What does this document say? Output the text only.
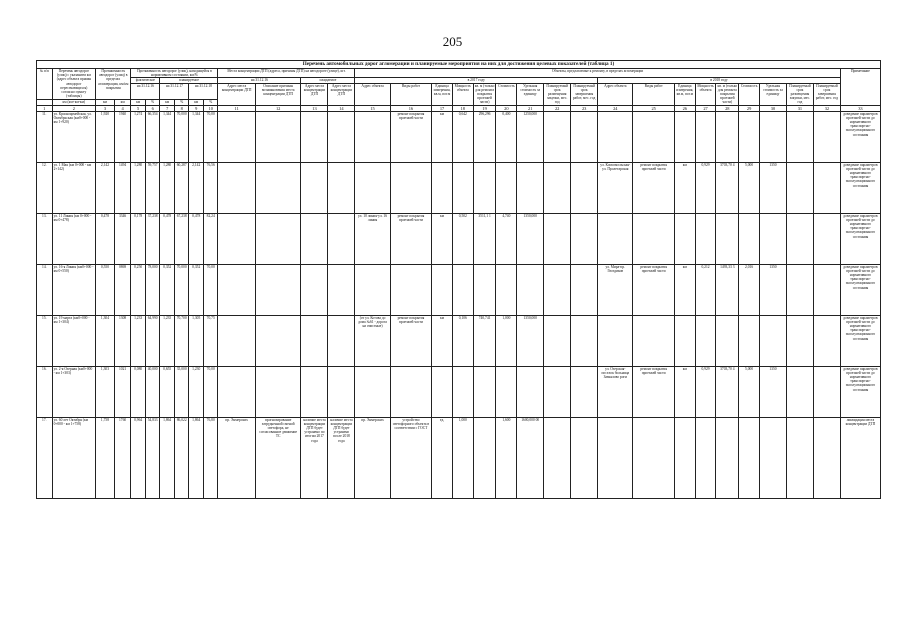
205
Перечень автомобильных дорог агломерации и планируемые мероприятия на них для достижения целевых показателей (таблица 1)																																
№ п/п	Перечень автодорог (улиц) с указанием км (адрес объекта прямая автодорог пересекающихся) согласно пункту (таблицы)	Протяженность автодорог (улиц) в пределах агломерации, км/км покрытия		Протяженность автодорог (улиц), находящейся в нормативном состоянии, км/%						Места концентрации ДТП (адреса, причины ДТП) на автодороге (улице), шт.				Объекты, предлагаемые к ремонту, в пределах агломерации																		Примечание
				фактическое		планируемое				на 31.12.16		ожидаемое		в 2017 году									в 2018 году									
				на 31.12.16		на 31.12.17		на 31.12.18		Адрес места концентрации ДТП	Описание причины возникновения места концентрации ДТП	Адрес места концентрации ДТП	Адрес места концентрации ДТП	Адрес объекта	Виды работ	Единица измерения, кв.м, пог.м	Мощность объекта	кв. м (только для ремонта покрытия проезжей части)	Стоимость	Удельная стоимость за единицу	Планируемый срок размещения закупки, мес. год	Планируемый срок завершения работ, мес. год	Адрес объекта	Виды работ	Единица измерения, кв.м, пог.м	Мощность объекта	кв. м (только для ремонта покрытия проезжей части)	Стоимость	Удельная стоимость за единицу	Планируемый срок размещения закупки, мес. год	Планируемый срок завершения работ, мес. год	
	км (км+км-км)	км	км	км	%	км	%	км	%																							
1	2	3	4	5	6	7	8	9	10	11	12	13	14	15	16	17	18	19	20	21	22	23	24	25	26	27	28	29	30	31	32	33
11.	ул. Красноармейская, ул. Октябрьская (км0+000 - км 1+920)	1,920	1940	1,274	66,354	1,344	70,000	1,344	70,00						ремонт покрытия проезжей части	км	0,642	296,296	0,400	1250,000												доведение параметров проезжей части до нормативного транспортно-эксплуатационного состояния
12.	ул. 1 Мая (км 0+000 - км 2+142)	2,142	1494	1,280	59,757	1,280	60,287	2,142	76,56														ул. Комсомольская-ул. Пролетарская	ремонт покрытия проезжей части	км	0,929	3703,70 4	5,000	1350			доведение параметров проезжей части до нормативного транспортно-эксплуатационного состояния
13.	ул. 11 Линия (км 0+000 - км 0+478)	0,478	3346	0,178	37,238	0,478	67,238	0,478	82,24					ул. 10 линия-ул. 16 линия	ремонт покрытия проезжей части	км	0,502	3511,1 1	4,740	1350,000												доведение параметров проезжей части до нормативного транспортно-эксплуатационного состояния
14.	ул. 16-я Линия (км0+000 - км 0+550)	0,550	0869	0,250	78,000	0,352	70,000	0,352	70,00														ул. Мира-пр. Гвоздиков	ремонт покрытия проезжей части	км	0,212	1493,33 3	2,016	1350			доведение параметров проезжей части до нормативного транспортно-эксплуатационного состояния
15.	ул. 19 марта (км0+000 - км 1+304)	1,304	1308	1,233	64,990	1,235	70,700	1,305	70,75					(от ул. Котова до дома №61 - дорога на очистные)	ремонт покрытия проезжей части	км	0,106	740,741	1,000	1350,000												доведение параметров проезжей части до нормативного транспортно-эксплуатационного состояния
16.	ул. 2-я Озерная (км0+000 - км 1+303)	1,303	1021	0,080	40,000	0,655	35,000	1,230	70,00														ул. Озерская-поселок больница Завьялово роги	ремонт покрытия проезжей части	км	0,929	3703,70 4	5,000	1350			доведение параметров проезжей части до нормативного транспортно-эксплуатационного состояния
17.	ул. 60 лет Октября (км 0+000 - км 1+758)	1,758	1760	0,964	54,833	1,864	86,022	1,864	76,80	пр. Энмерских	прогнозирование затрудненной сменой светофора, не согласованное движение ТС	наличие места концентрации ДТП будет устранено по итогам 2017 года	наличие места концентрации ДТП будет устранено после 2018 года	пр. Энмерских	устройство светофорного объекта в соответствии с ГОСТ	ед.	1,000		1,600	1600,000 00												ликвидация места концентрации ДТП
